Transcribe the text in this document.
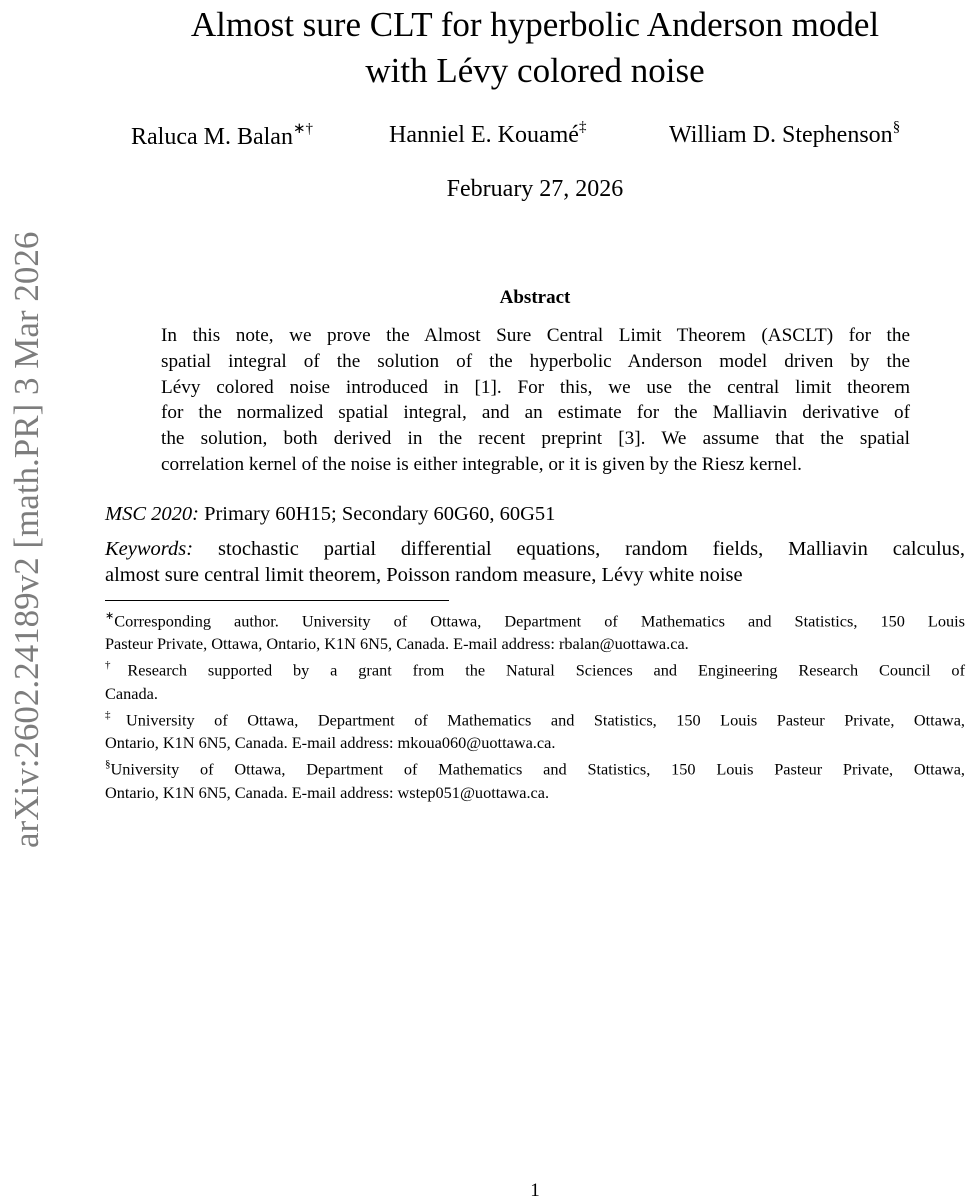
arXiv:2602.24189v2 [math.PR] 3 Mar 2026
Almost sure CLT for hyperbolic Anderson model
with Lévy colored noise
Raluca M. Balan∗†	Hanniel E. Kouamé‡	William D. Stephenson§
February 27, 2026
Abstract
In this note, we prove the Almost Sure Central Limit Theorem (ASCLT) for the
spatial integral of the solution of the hyperbolic Anderson model driven by the
Lévy colored noise introduced in [1]. For this, we use the central limit theorem
for the normalized spatial integral, and an estimate for the Malliavin derivative of
the solution, both derived in the recent preprint [3]. We assume that the spatial
correlation kernel of the noise is either integrable, or it is given by the Riesz kernel.
MSC 2020: Primary 60H15; Secondary 60G60, 60G51
Keywords: stochastic partial differential equations, random fields, Malliavin calculus,
almost sure central limit theorem, Poisson random measure, Lévy white noise
∗Corresponding author. University of Ottawa, Department of Mathematics and Statistics, 150 Louis
Pasteur Private, Ottawa, Ontario, K1N 6N5, Canada. E-mail address: rbalan@uottawa.ca.
†Research supported by a grant from the Natural Sciences and Engineering Research Council of
Canada.
‡University of Ottawa, Department of Mathematics and Statistics, 150 Louis Pasteur Private, Ottawa,
Ontario, K1N 6N5, Canada. E-mail address: mkoua060@uottawa.ca.
§University of Ottawa, Department of Mathematics and Statistics, 150 Louis Pasteur Private, Ottawa,
Ontario, K1N 6N5, Canada. E-mail address: wstep051@uottawa.ca.
1
